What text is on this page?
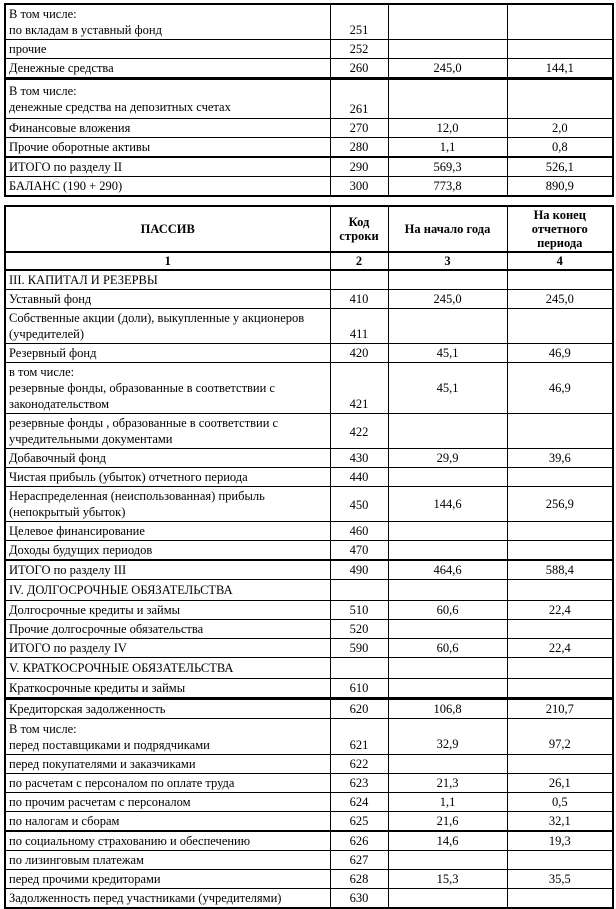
В том числе:
по вкладам в уставный фонд	251		

прочие	252		

Денежные средства	260	245,0	144,1

В том числе:
денежные средства на депозитных счетах	261		

Финансовые вложения	270	12,0	2,0

Прочие оборотные активы	280	1,1	0,8

ИТОГО по разделу II	290	569,3	526,1

БАЛАНС (190 + 290)	300	773,8	890,9
ПАССИВ	Код строки	На начало года	На конец отчетного периода
1	2	3	4

III. КАПИТАЛ И РЕЗЕРВЫ			

Уставный фонд	410	245,0	245,0

Собственные акции (доли), выкупленные у акционеров
(учредителей)	411		

Резервный фонд	420	45,1	46,9

в том числе:
резервные фонды, образованные в соответствии с
законодательством	421	45,1	46,9

резервные фонды , образованные в соответствии с
учредительными документами	422		

Добавочный фонд	430	29,9	39,6

Чистая прибыль (убыток) отчетного периода	440		

Нераспределенная (неиспользованная) прибыль
(непокрытый убыток)	450	144,6	256,9

Целевое финансирование	460		

Доходы будущих периодов	470		

ИТОГО по разделу III	490	464,6	588,4

IV. ДОЛГОСРОЧНЫЕ ОБЯЗАТЕЛЬСТВА			

Долгосрочные кредиты и займы	510	60,6	22,4

Прочие долгосрочные обязательства	520		

ИТОГО по разделу IV	590	60,6	22,4

V. КРАТКОСРОЧНЫЕ ОБЯЗАТЕЛЬСТВА			

Краткосрочные кредиты и займы	610		

Кредиторская задолженность	620	106,8	210,7

В том числе:
перед поставщиками и подрядчиками	621	32,9	97,2

перед покупателями и заказчиками	622		

по расчетам с персоналом по оплате труда	623	21,3	26,1

по прочим расчетам с персоналом	624	1,1	0,5

по налогам и сборам	625	21,6	32,1

по социальному страхованию и обеспечению	626	14,6	19,3

по лизинговым платежам	627		

перед прочими кредиторами	628	15,3	35,5

Задолженность перед участниками (учредителями)	630		
